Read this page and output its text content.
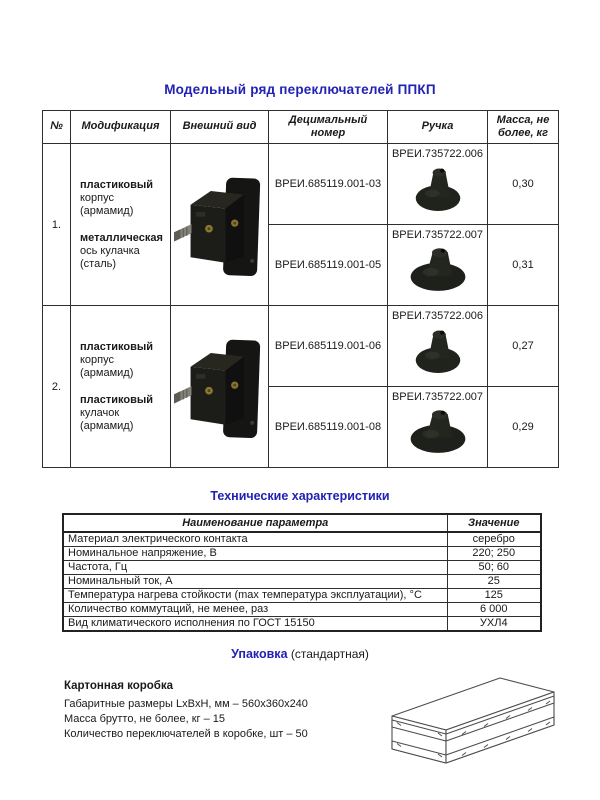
Модельный ряд переключателей ППКП
№	Модификация	Внешний вид	Децимальный номер	Ручка	Масса, не более, кг
1.	пластиковый
корпус (армамид)
металлическая
ось кулачка (сталь)		ВРЕИ.685119.001-03	ВРЕИ.735722.006	0,30
			ВРЕИ.685119.001-05	ВРЕИ.735722.007	0,31
2.	пластиковый
корпус (армамид)
пластиковый
кулачок (армамид)		ВРЕИ.685119.001-06	ВРЕИ.735722.006	0,27
			ВРЕИ.685119.001-08	ВРЕИ.735722.007	0,29
Технические характеристики
Наименование параметра	Значение
Материал электрического контакта	серебро
Номинальное напряжение, В	220; 250
Частота, Гц	50; 60
Номинальный ток, А	25
Температура нагрева стойкости (max температура эксплуатации), °С	125
Количество коммутаций, не менее, раз	6 000
Вид климатического исполнения по ГОСТ 15150	УХЛ4
Упаковка (стандартная)
Картонная коробка
Габаритные размеры LxBxH, мм – 560x360x240
Масса брутто, не более, кг – 15
Количество переключателей в коробке, шт – 50
